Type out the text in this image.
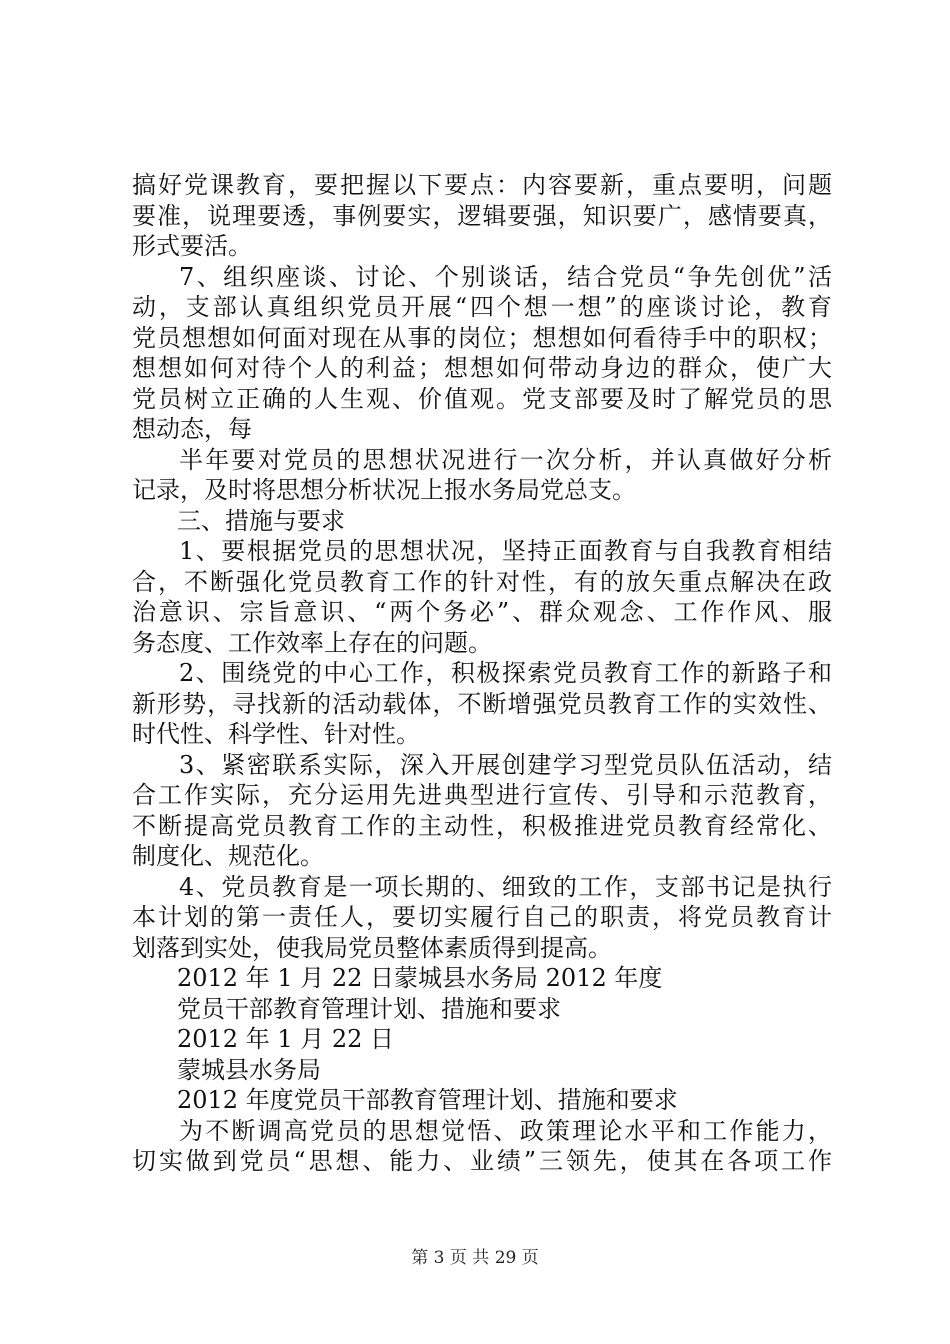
搞好党课教育，要把握以下要点：内容要新，重点要明，问题
要准，说理要透，事例要实，逻辑要强，知识要广，感情要真，
形式要活。
7、组织座谈、讨论、个别谈话，结合党员“争先创优”活
动，支部认真组织党员开展“四个想一想”的座谈讨论，教育
党员想想如何面对现在从事的岗位；想想如何看待手中的职权；
想想如何对待个人的利益；想想如何带动身边的群众，使广大
党员树立正确的人生观、价值观。党支部要及时了解党员的思
想动态，每
半年要对党员的思想状况进行一次分析，并认真做好分析
记录，及时将思想分析状况上报水务局党总支。
三、措施与要求
1、要根据党员的思想状况，坚持正面教育与自我教育相结
合，不断强化党员教育工作的针对性，有的放矢重点解决在政
治意识、宗旨意识、“两个务必”、群众观念、工作作风、服
务态度、工作效率上存在的问题。
2、围绕党的中心工作，积极探索党员教育工作的新路子和
新形势，寻找新的活动载体，不断增强党员教育工作的实效性、
时代性、科学性、针对性。
3、紧密联系实际，深入开展创建学习型党员队伍活动，结
合工作实际，充分运用先进典型进行宣传、引导和示范教育，
不断提高党员教育工作的主动性，积极推进党员教育经常化、
制度化、规范化。
4、党员教育是一项长期的、细致的工作，支部书记是执行
本计划的第一责任人，要切实履行自己的职责，将党员教育计
划落到实处，使我局党员整体素质得到提高。
2012 年 1 月 22 日蒙城县水务局 2012 年度
党员干部教育管理计划、措施和要求
2012 年 1 月 22 日
蒙城县水务局
2012 年度党员干部教育管理计划、措施和要求
为不断调高党员的思想觉悟、政策理论水平和工作能力，
切实做到党员“思想、能力、业绩”三领先，使其在各项工作
第 3 页 共 29 页
